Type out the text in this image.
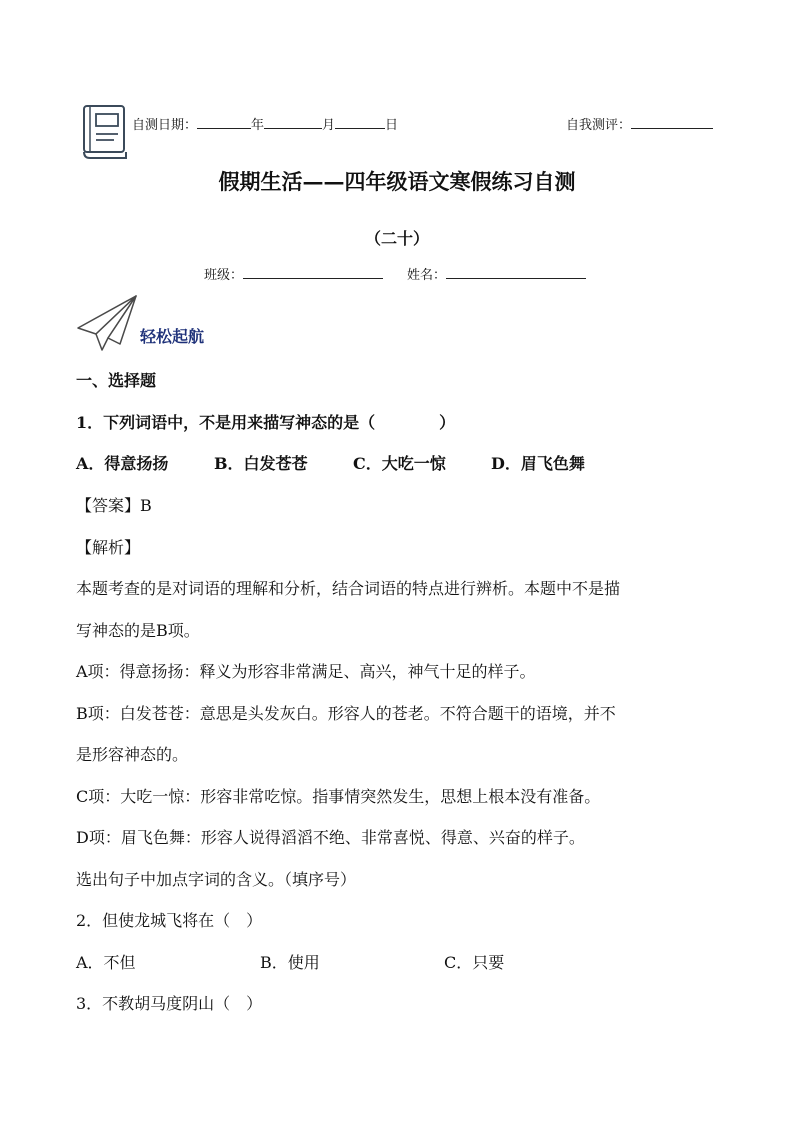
自测日期：	年	月	日	自我测评：
假期生活——四年级语文寒假练习自测
（二十）
班级：	姓名：
轻松起航
一、选择题
1．下列词语中，不是用来描写神态的是（　　　　）
A．得意扬扬	B．白发苍苍	C．大吃一惊	D．眉飞色舞
【答案】B
【解析】
本题考查的是对词语的理解和分析，结合词语的特点进行辨析。本题中不是描
写神态的是B项。
A项：得意扬扬：释义为形容非常满足、高兴，神气十足的样子。
B项：白发苍苍：意思是头发灰白。形容人的苍老。不符合题干的语境，并不
是形容神态的。
C项：大吃一惊：形容非常吃惊。指事情突然发生，思想上根本没有准备。
D项：眉飞色舞：形容人说得滔滔不绝、非常喜悦、得意、兴奋的样子。
选出句子中加点字词的含义。（填序号）
2．但使龙城飞将在（　）
A．不但	B．使用	C．只要
3．不教胡马度阴山（　）
